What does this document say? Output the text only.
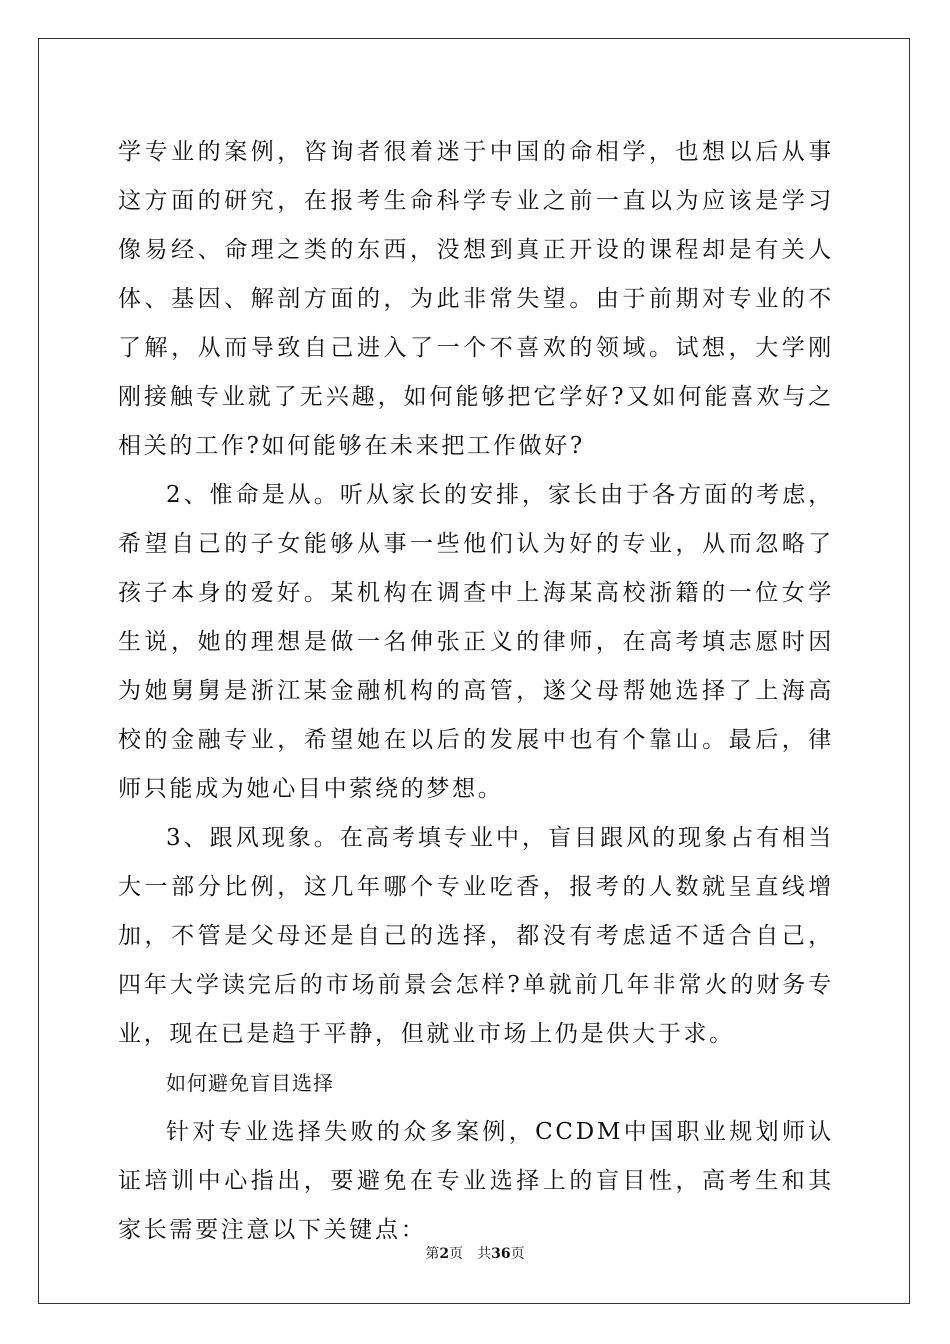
学专业的案例，咨询者很着迷于中国的命相学，也想以后从事这方面的研究，在报考生命科学专业之前一直以为应该是学习像易经、命理之类的东西，没想到真正开设的课程却是有关人体、基因、解剖方面的，为此非常失望。由于前期对专业的不了解，从而导致自己进入了一个不喜欢的领域。试想，大学刚刚接触专业就了无兴趣，如何能够把它学好?又如何能喜欢与之相关的工作?如何能够在未来把工作做好?

2、惟命是从。听从家长的安排，家长由于各方面的考虑，希望自己的子女能够从事一些他们认为好的专业，从而忽略了孩子本身的爱好。某机构在调查中上海某高校浙籍的一位女学生说，她的理想是做一名伸张正义的律师，在高考填志愿时因为她舅舅是浙江某金融机构的高管，遂父母帮她选择了上海高校的金融专业，希望她在以后的发展中也有个靠山。最后，律师只能成为她心目中萦绕的梦想。

3、跟风现象。在高考填专业中，盲目跟风的现象占有相当大一部分比例，这几年哪个专业吃香，报考的人数就呈直线增加，不管是父母还是自己的选择，都没有考虑适不适合自己，四年大学读完后的市场前景会怎样?单就前几年非常火的财务专业，现在已是趋于平静，但就业市场上仍是供大于求。

如何避免盲目选择

针对专业选择失败的众多案例，CCDM中国职业规划师认证培训中心指出，要避免在专业选择上的盲目性，高考生和其家长需要注意以下关键点：

第2页 共36页
